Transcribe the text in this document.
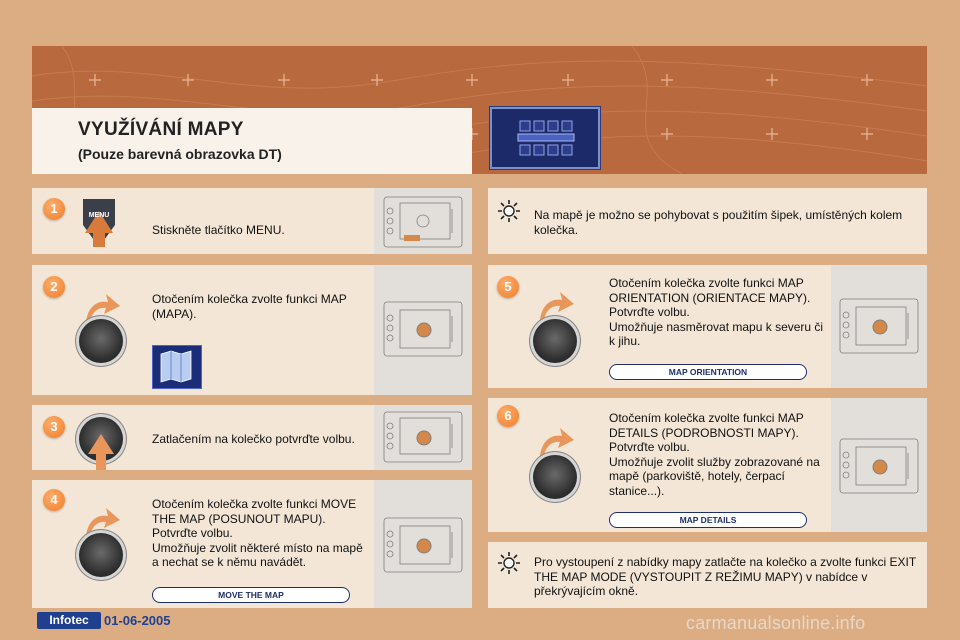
VYUŽÍVÁNÍ MAPY
(Pouze barevná obrazovka DT)
1	MENU
Stiskněte tlačítko MENU.
2
Otočením kolečka zvolte funkci MAP (MAPA).
3
Zatlačením na kolečko potvrďte volbu.
4	Otočením kolečka zvolte funkci MOVE THE MAP (POSUNOUT MAPU).
Potvrďte volbu.
Umožňuje zvolit některé místo na mapě a nechat se k němu navádět.
MOVE THE MAP
Na mapě je možno se pohybovat s použitím šipek, umístěných kolem kolečka.
5	Otočením kolečka zvolte funkci MAP ORIENTATION (ORIENTACE MAPY).
Potvrďte volbu.
Umožňuje nasměrovat mapu k severu či k jihu.
MAP ORIENTATION
6	Otočením kolečka zvolte funkci MAP DETAILS (PODROBNOSTI MAPY).
Potvrďte volbu.
Umožňuje zvolit služby zobrazované na mapě (parkoviště, hotely, čerpací stanice...).
MAP DETAILS
Pro vystoupení z nabídky mapy zatlačte na kolečko a zvolte funkci EXIT THE MAP MODE (VYSTOUPIT Z REŽIMU MAPY) v nabídce v překrývajícím okně.
Infotec	01-06-2005	carmanualsonline.info
